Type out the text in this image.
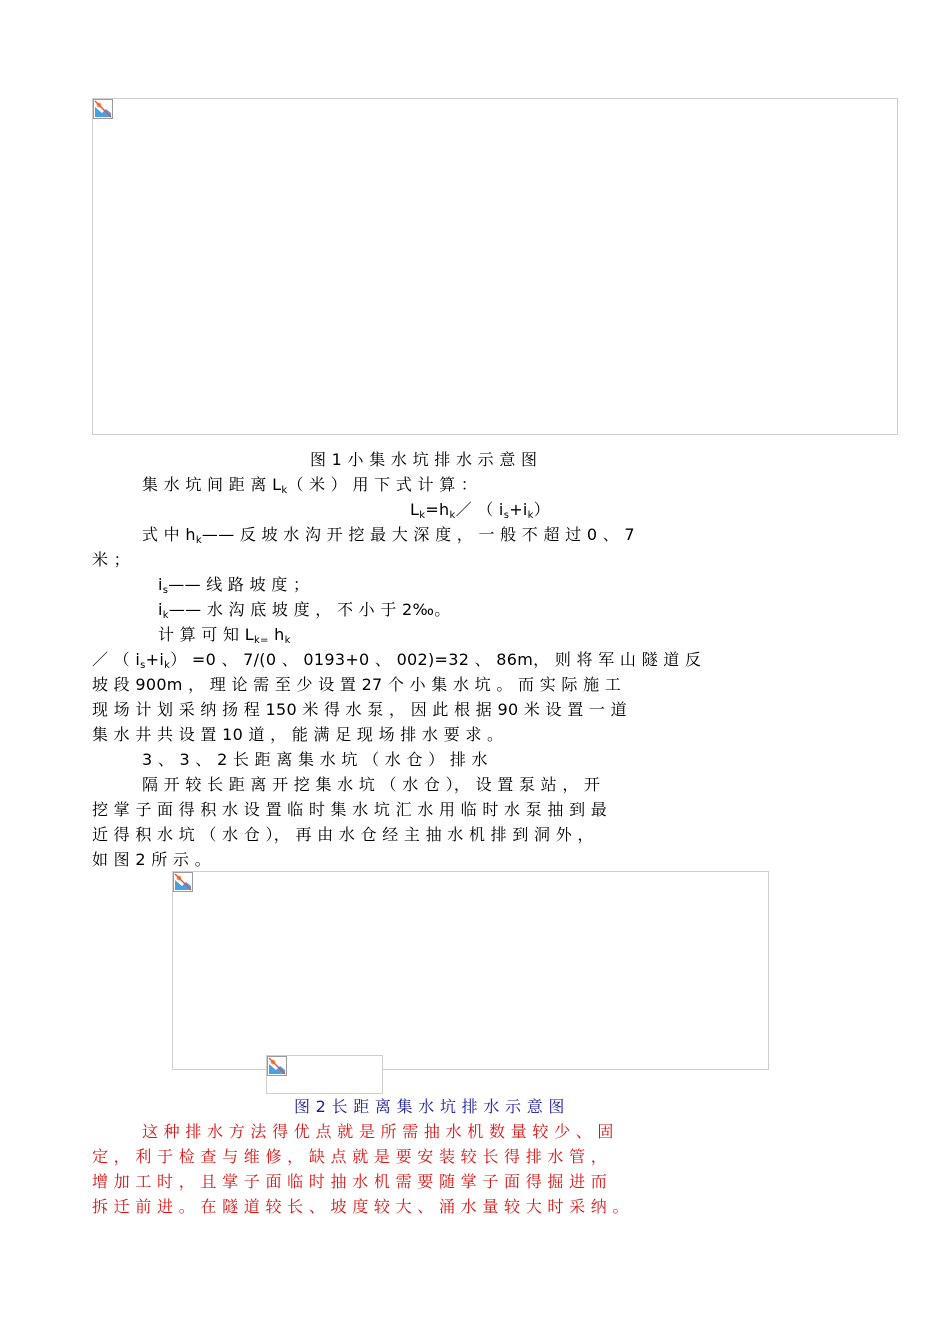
图 1 小 集 水 坑 排 水 示 意 图
集 水 坑 间 距 离 $L_k$（ 米 ） 用 下 式 计 算 ：
$L_k=h_k/$ （ $i_s+i_k$）
式 中 $h_k——$ 反 坡 水 沟 开 挖 最 大 深 度 ， 一 般 不 超 过 0 、 7
米 ；
$i_s——$ 线 路 坡 度 ；
$i_k——$ 水 沟 底 坡 度 ， 不 小 于 2‰。
计 算 可 知 $L_{k=}$ $h_k$
／ （ $i_s+i_k) =0$ 、 7/(0 、 0193+0 、 002)=32 、 86m， 则 将 军 山 隧 道 反
坡 段 900m ， 理 论 需 至 少 设 置 27 个 小 集 水 坑 。 而 实 际 施 工
现 场 计 划 采 纳 扬 程 150 米 得 水 泵 ， 因 此 根 据 90 米 设 置 一 道
集 水 井 共 设 置 10 道 ， 能 满 足 现 场 排 水 要 求 。
3 、 3 、 2 长 距 离 集 水 坑 （ 水 仓 ） 排 水
隔 开 较 长 距 离 开 挖 集 水 坑 （ 水 仓 ）， 设 置 泵 站 ， 开
挖 掌 子 面 得 积 水 设 置 临 时 集 水 坑 汇 水 用 临 时 水 泵 抽 到 最
近 得 积 水 坑 （ 水 仓 ）， 再 由 水 仓 经 主 抽 水 机 排 到 洞 外 ，
如 图 2 所 示 。
图 2 长 距 离 集 水 坑 排 水 示 意 图
这 种 排 水 方 法 得 优 点 就 是 所 需 抽 水 机 数 量 较 少 、 固
定 ， 利 于 检 查 与 维 修 ， 缺 点 就 是 要 安 装 较 长 得 排 水 管 ，
增 加 工 时 ， 且 掌 子 面 临 时 抽 水 机 需 要 随 掌 子 面 得 掘 进 而
拆 迁 前 进 。 在 隧 道 较 长 、 坡 度 较 大 、 涌 水 量 较 大 时 采 纳 。
